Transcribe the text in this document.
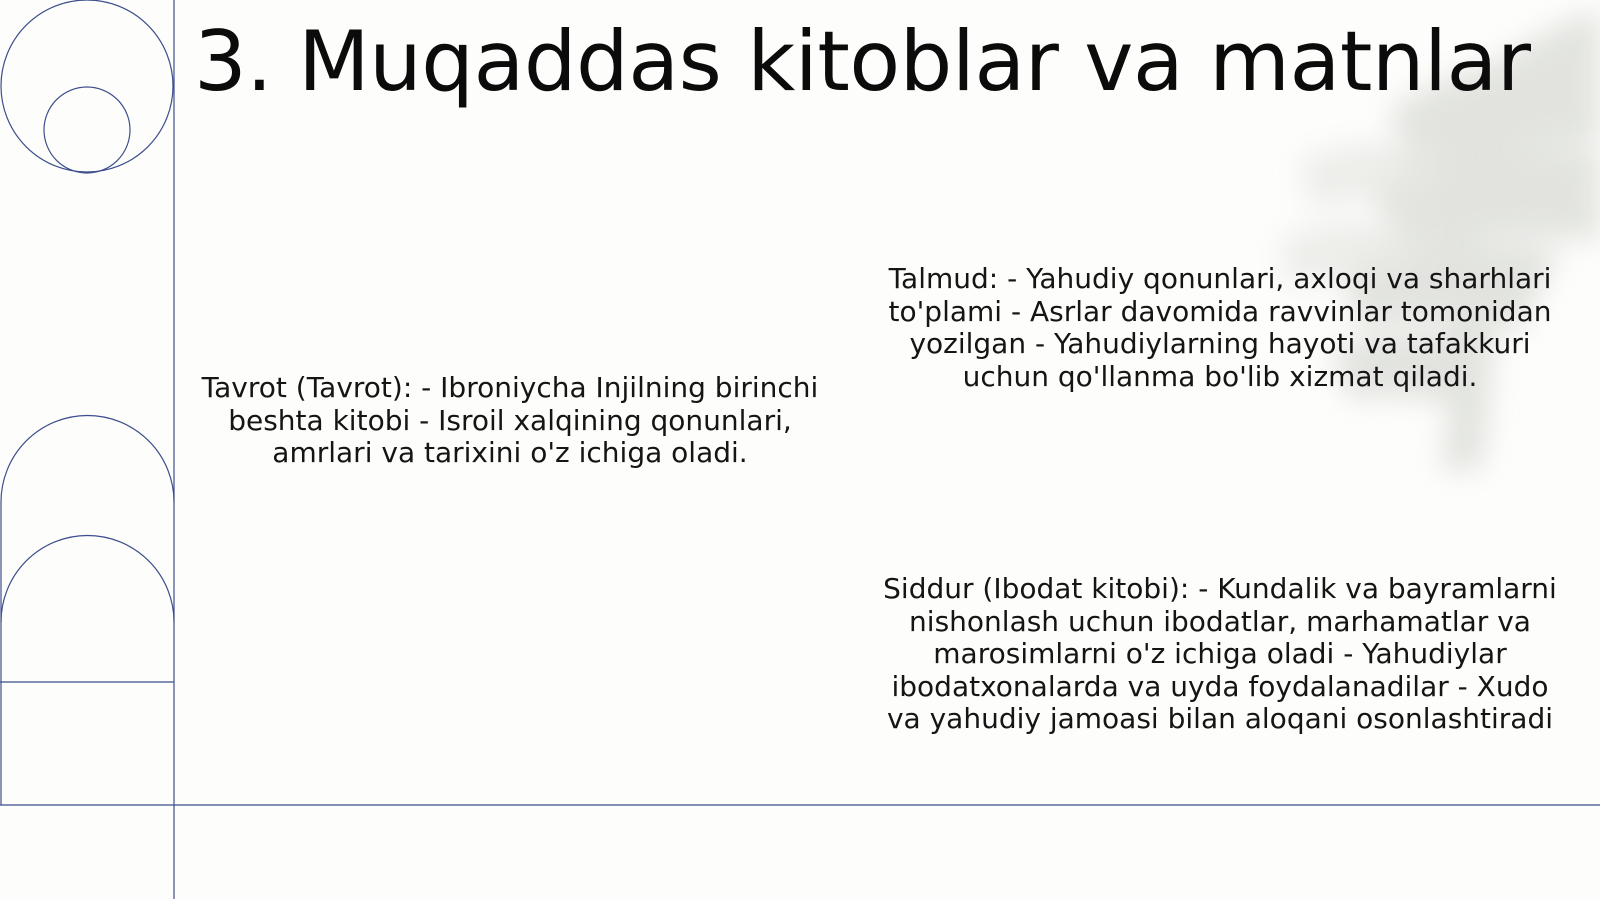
3. Muqaddas kitoblar va matnlar

Tavrot (Tavrot): - Ibroniycha Injilning birinchi beshta kitobi - Isroil xalqining qonunlari, amrlari va tarixini o'z ichiga oladi.

Talmud: - Yahudiy qonunlari, axloqi va sharhlari to'plami - Asrlar davomida ravvinlar tomonidan yozilgan - Yahudiylarning hayoti va tafakkuri uchun qo'llanma bo'lib xizmat qiladi.

Siddur (Ibodat kitobi): - Kundalik va bayramlarni nishonlash uchun ibodatlar, marhamatlar va marosimlarni o'z ichiga oladi - Yahudiylar ibodatxonalarda va uyda foydalanadilar - Xudo va yahudiy jamoasi bilan aloqani osonlashtiradi
